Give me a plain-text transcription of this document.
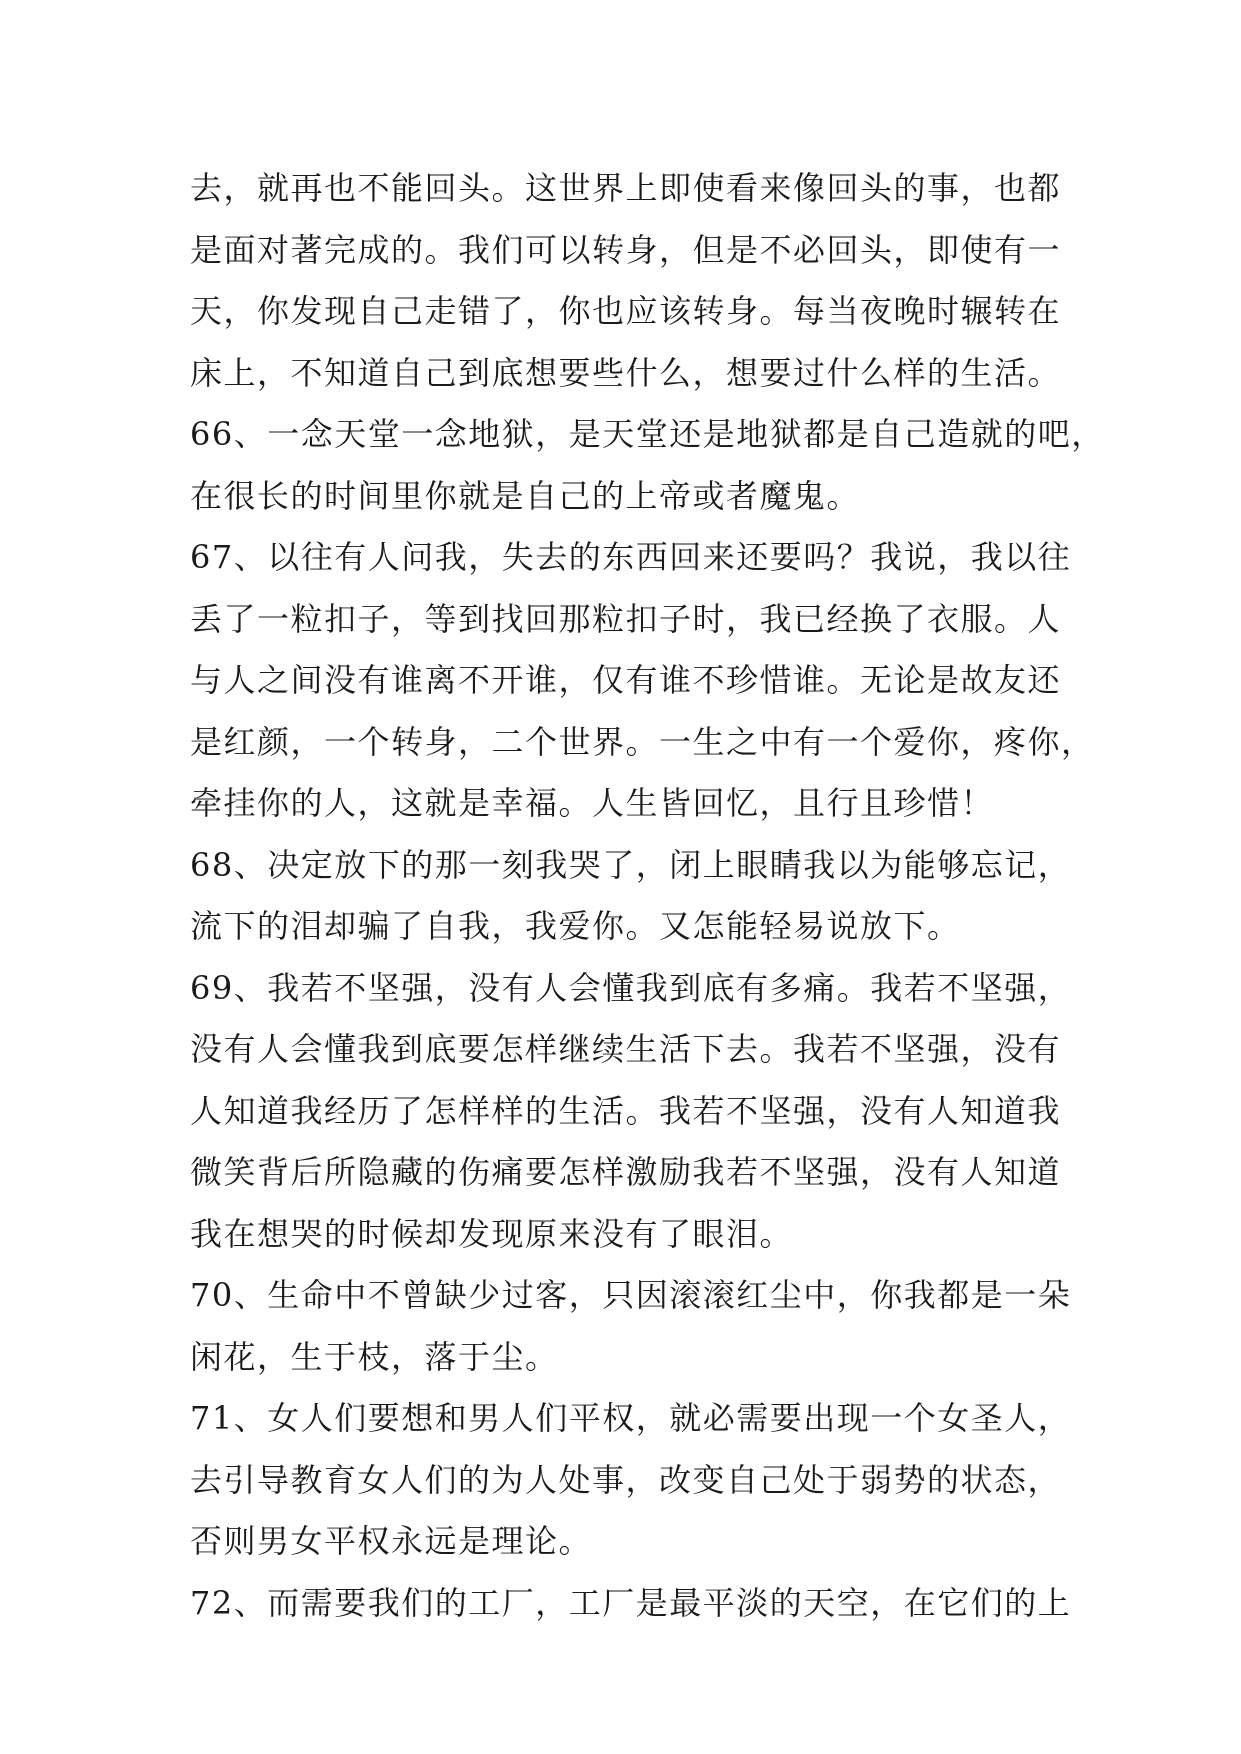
去，就再也不能回头。这世界上即使看来像回头的事，也都
是面对著完成的。我们可以转身，但是不必回头，即使有一
天，你发现自己走错了，你也应该转身。每当夜晚时辗转在
床上，不知道自己到底想要些什么，想要过什么样的生活。
66、一念天堂一念地狱，是天堂还是地狱都是自己造就的吧，
在很长的时间里你就是自己的上帝或者魔鬼。
67、以往有人问我，失去的东西回来还要吗？我说，我以往
丢了一粒扣子，等到找回那粒扣子时，我已经换了衣服。人
与人之间没有谁离不开谁，仅有谁不珍惜谁。无论是故友还
是红颜，一个转身，二个世界。一生之中有一个爱你，疼你，
牵挂你的人，这就是幸福。人生皆回忆，且行且珍惜！
68、决定放下的那一刻我哭了，闭上眼睛我以为能够忘记，
流下的泪却骗了自我，我爱你。又怎能轻易说放下。
69、我若不坚强，没有人会懂我到底有多痛。我若不坚强，
没有人会懂我到底要怎样继续生活下去。我若不坚强，没有
人知道我经历了怎样样的生活。我若不坚强，没有人知道我
微笑背后所隐藏的伤痛要怎样激励我若不坚强，没有人知道
我在想哭的时候却发现原来没有了眼泪。
70、生命中不曾缺少过客，只因滚滚红尘中，你我都是一朵
闲花，生于枝，落于尘。
71、女人们要想和男人们平权，就必需要出现一个女圣人，
去引导教育女人们的为人处事，改变自己处于弱势的状态，
否则男女平权永远是理论。
72、而需要我们的工厂，工厂是最平淡的天空，在它们的上
